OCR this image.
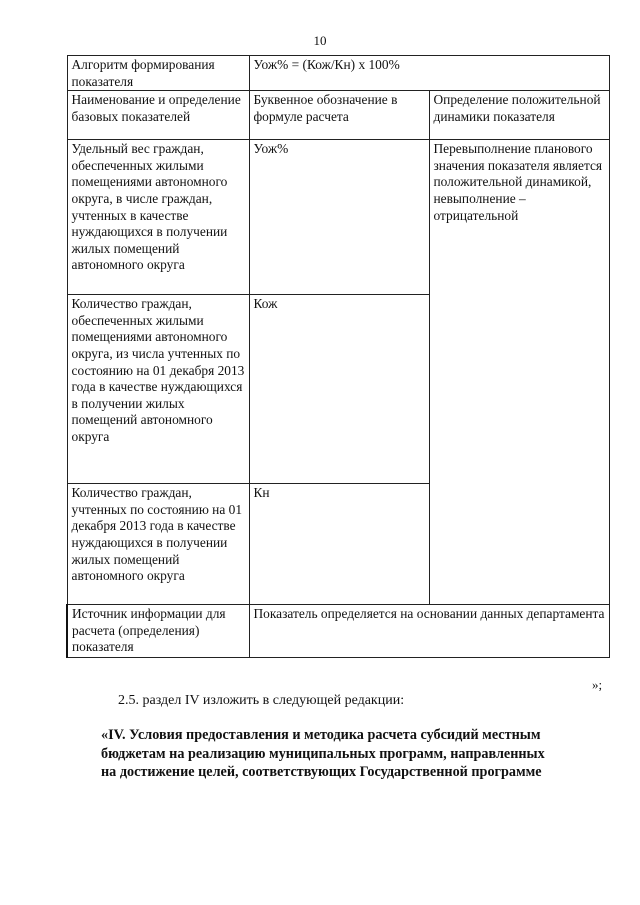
10
Алгоритм формирования показателя	Уож% = (Кож/Кн) х 100%	
Наименование и определение базовых показателей	Буквенное обозначение в формуле расчета	Определение положительной динамики показателя
Удельный вес граждан, обеспеченных жилыми помещениями автономного округа, в числе граждан, учтенных в качестве нуждающихся в получении жилых помещений автономного округа	Уож%	Перевыполнение планового значения показателя является положительной динамикой, невыполнение – отрицательной
Количество граждан, обеспеченных жилыми помещениями автономного округа, из числа учтенных по состоянию на 01 декабря 2013 года в качестве нуждающихся в получении жилых помещений автономного округа	Кож	
Количество граждан, учтенных по состоянию на 01 декабря 2013 года в качестве нуждающихся в получении жилых помещений автономного округа	Кн	
Источник информации для расчета (определения) показателя	Показатель определяется на основании данных департамента	
»;
2.5. раздел IV изложить в следующей редакции:
«IV. Условия предоставления и методика расчета субсидий местным
бюджетам на реализацию муниципальных программ, направленных
на достижение целей, соответствующих Государственной программе
